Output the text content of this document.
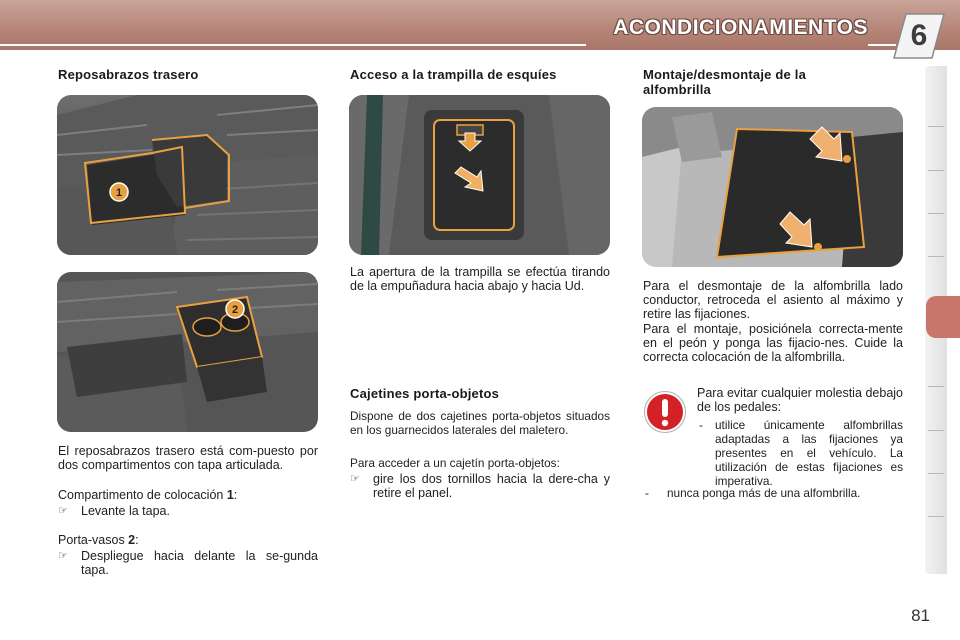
ACONDICIONAMIENTOS	6
Reposabrazos trasero
1
2

El reposabrazos trasero está com-puesto por dos compartimentos con tapa articulada.

Compartimento de colocación 1:

☞ Levante la tapa.

Porta-vasos 2:

☞ Despliegue hacia delante la se-gunda tapa.
Acceso a la trampilla de esquíes

La apertura de la trampilla se efectúa tirando de la empuñadura hacia abajo y hacia Ud.

Cajetines porta-objetos

Dispone de dos cajetines porta-objetos situados en los guarnecidos laterales del maletero.

Para acceder a un cajetín porta-objetos:

☞ gire los dos tornillos hacia la dere-cha y retire el panel.
Montaje/desmontaje de la
alfombrilla

Para el desmontaje de la alfombrilla lado conductor, retroceda el asiento al máximo y retire las fijaciones.

Para el montaje, posiciónela correcta-mente en el peón y ponga las fijacio-nes. Cuide la correcta colocación de la alfombrilla.

Para evitar cualquier molestia debajo de los pedales:

- utilice únicamente alfombrillas adaptadas a las fijaciones ya presentes en el vehículo. La utilización de estas fijaciones es imperativa.
- nunca ponga más de una alfombrilla.
81
